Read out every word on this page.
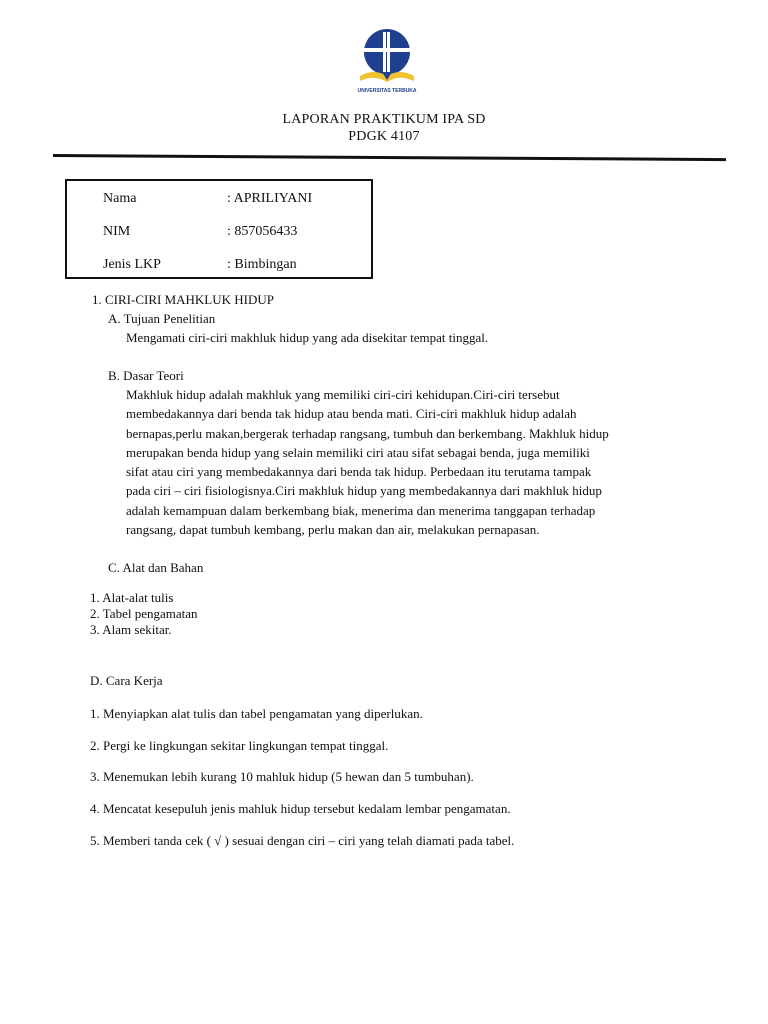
UNIVERSITAS TERBUKA
LAPORAN PRAKTIKUM IPA SD
PDGK 4107
Nama	: APRILIYANI
NIM	: 857056433
Jenis LKP	: Bimbingan
1. CIRI-CIRI MAHKLUK HIDUP
A. Tujuan Penelitian
Mengamati ciri-ciri makhluk hidup yang ada disekitar tempat tinggal.
B. Dasar Teori
Makhluk hidup adalah makhluk yang memiliki ciri-ciri kehidupan.Ciri-ciri tersebut
membedakannya dari benda tak hidup atau benda mati. Ciri-ciri makhluk hidup adalah
bernapas,perlu makan,bergerak terhadap rangsang, tumbuh dan berkembang. Makhluk hidup
merupakan benda hidup yang selain memiliki ciri atau sifat sebagai benda, juga memiliki
sifat atau ciri yang membedakannya dari benda tak hidup. Perbedaan itu terutama tampak
pada ciri – ciri fisiologisnya.Ciri makhluk hidup yang membedakannya dari makhluk hidup
adalah kemampuan dalam berkembang biak, menerima dan menerima tanggapan terhadap
rangsang, dapat tumbuh kembang, perlu makan dan air, melakukan pernapasan.
C. Alat dan Bahan
1. Alat-alat tulis
2. Tabel pengamatan
3. Alam sekitar.
D. Cara Kerja
1. Menyiapkan alat tulis dan tabel pengamatan yang diperlukan.
2. Pergi ke lingkungan sekitar lingkungan tempat tinggal.
3. Menemukan lebih kurang 10 mahluk hidup (5 hewan dan 5 tumbuhan).
4. Mencatat kesepuluh jenis mahluk hidup tersebut kedalam lembar pengamatan.
5. Memberi tanda cek ( √ ) sesuai dengan ciri – ciri yang telah diamati pada tabel.
